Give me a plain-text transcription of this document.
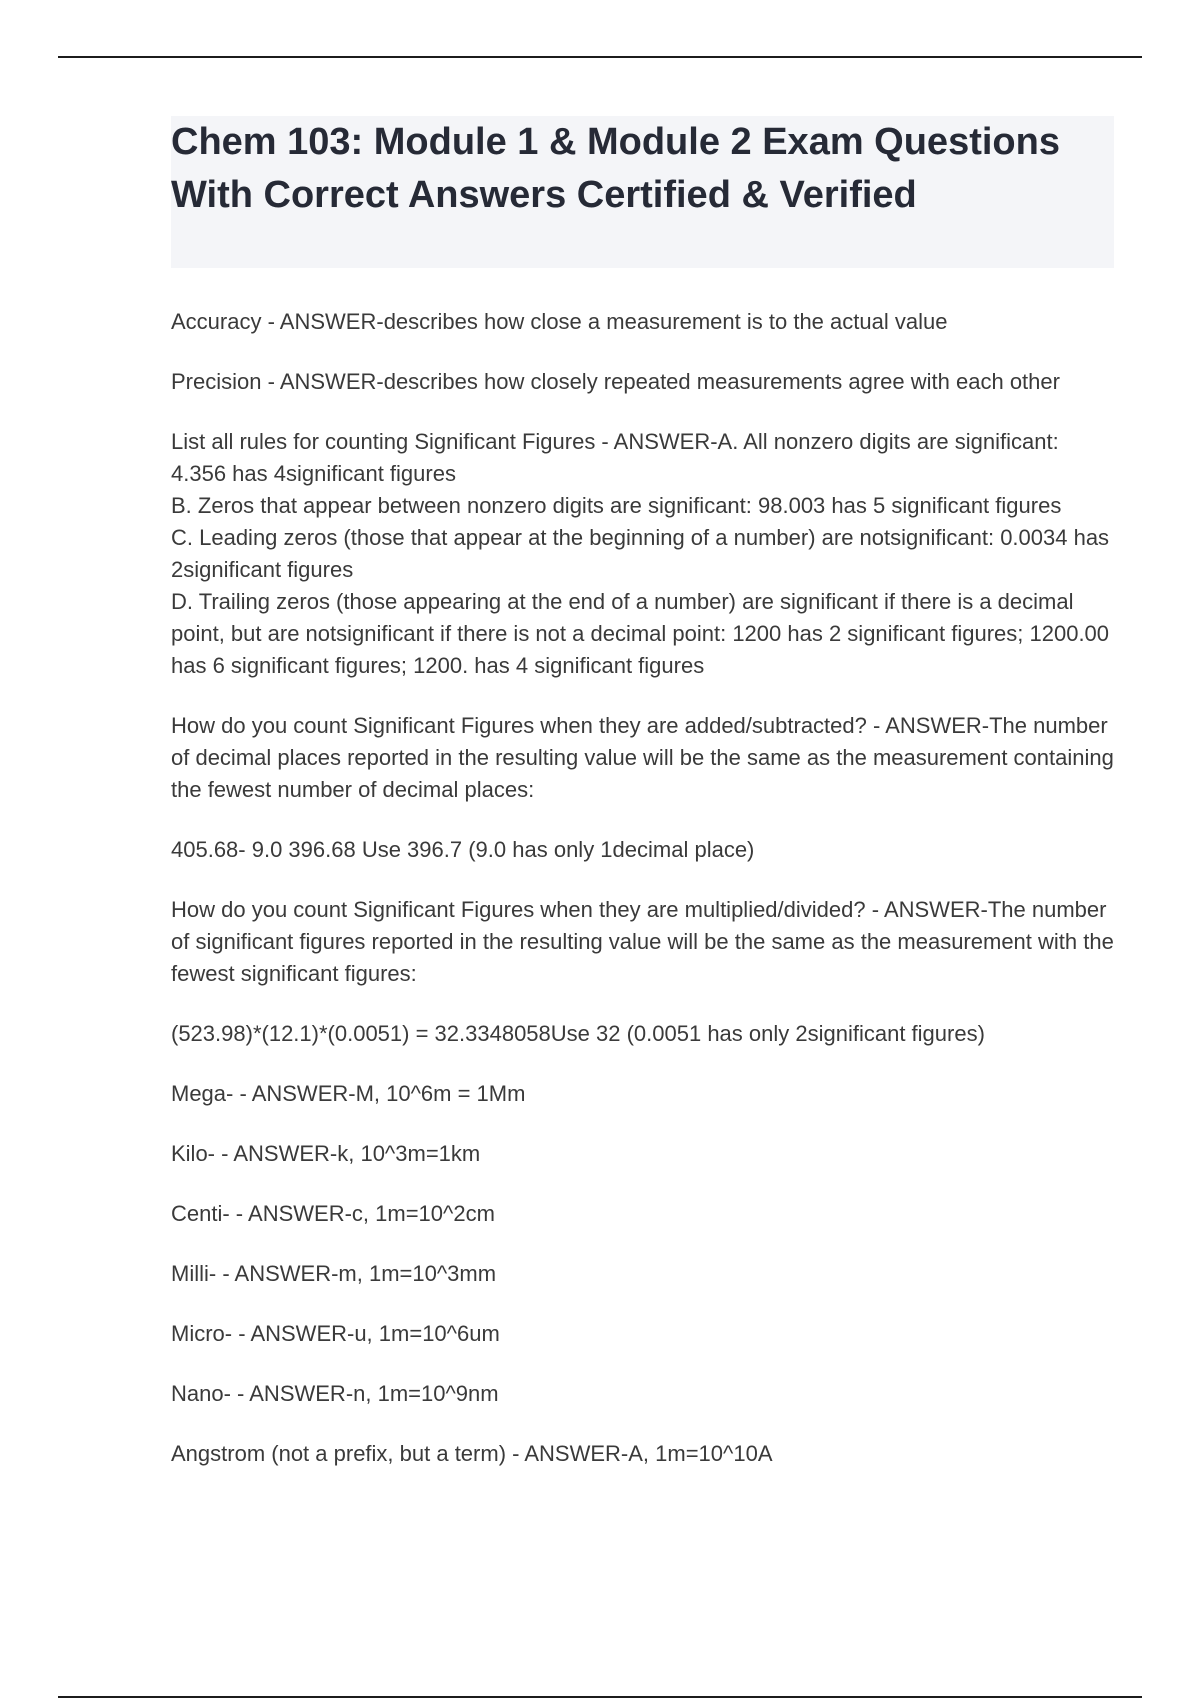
Chem 103: Module 1 & Module 2 Exam Questions With Correct Answers Certified & Verified

Accuracy - ANSWER-describes how close a measurement is to the actual value

Precision - ANSWER-describes how closely repeated measurements agree with each other

List all rules for counting Significant Figures - ANSWER-A. All nonzero digits are significant: 4.356 has 4significant figures
B. Zeros that appear between nonzero digits are significant: 98.003 has 5 significant figures
C. Leading zeros (those that appear at the beginning of a number) are notsignificant: 0.0034 has 2significant figures
D. Trailing zeros (those appearing at the end of a number) are significant if there is a decimal point, but are notsignificant if there is not a decimal point: 1200 has 2 significant figures; 1200.00 has 6 significant figures; 1200. has 4 significant figures

How do you count Significant Figures when they are added/subtracted? - ANSWER-The number of decimal places reported in the resulting value will be the same as the measurement containing the fewest number of decimal places:

405.68- 9.0 396.68 Use 396.7 (9.0 has only 1decimal place)

How do you count Significant Figures when they are multiplied/divided? - ANSWER-The number of significant figures reported in the resulting value will be the same as the measurement with the fewest significant figures:

(523.98)*(12.1)*(0.0051) = 32.3348058Use 32 (0.0051 has only 2significant figures)

Mega- - ANSWER-M, 10^6m = 1Mm

Kilo- - ANSWER-k, 10^3m=1km

Centi- - ANSWER-c, 1m=10^2cm

Milli- - ANSWER-m, 1m=10^3mm

Micro- - ANSWER-u, 1m=10^6um

Nano- - ANSWER-n, 1m=10^9nm

Angstrom (not a prefix, but a term) - ANSWER-A, 1m=10^10A
